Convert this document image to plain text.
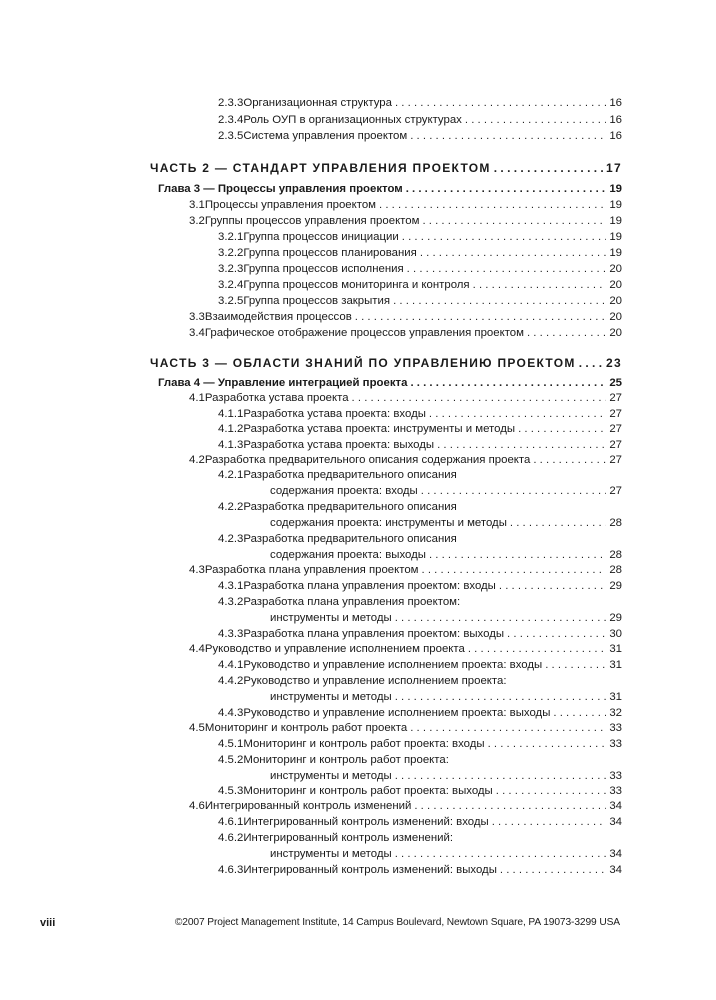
2.3.3 Организационная структура . . .	16
2.3.4 Роль ОУП в организационных структурах . . .	16
2.3.5 Система управления проектом . . .	16
ЧАСТЬ 2 — СТАНДАРТ УПРАВЛЕНИЯ ПРОЕКТОМ . . .	17
Глава 3 — Процессы управления проектом . . .	19
3.1 Процессы управления проектом . . .	19
3.2 Группы процессов управления проектом . . .	19
3.2.1 Группа процессов инициации . . .	19
3.2.2 Группа процессов планирования . . .	19
3.2.3 Группа процессов исполнения . . .	20
3.2.4 Группа процессов мониторинга и контроля . . .	20
3.2.5 Группа процессов закрытия . . .	20
3.3 Взаимодействия процессов . . .	20
3.4 Графическое отображение процессов управления проектом . . .	20
ЧАСТЬ 3 — ОБЛАСТИ ЗНАНИЙ ПО УПРАВЛЕНИЮ ПРОЕКТОМ . . .	23
Глава 4 — Управление интеграцией проекта . . .	25
4.1 Разработка устава проекта . . .	27
4.1.1 Разработка устава проекта: входы . . .	27
4.1.2 Разработка устава проекта: инструменты и методы . . .	27
4.1.3 Разработка устава проекта: выходы . . .	27
4.2 Разработка предварительного описания содержания проекта . . .	27
4.2.1 Разработка предварительного описания
содержания проекта: входы . . .	27
4.2.2 Разработка предварительного описания
содержания проекта: инструменты и методы . . .	28
4.2.3 Разработка предварительного описания
содержания проекта: выходы . . .	28
4.3 Разработка плана управления проектом . . .	28
4.3.1 Разработка плана управления проектом: входы . . .	29
4.3.2 Разработка плана управления проектом:
инструменты и методы . . .	29
4.3.3 Разработка плана управления проектом: выходы . . .	30
4.4 Руководство и управление исполнением проекта . . .	31
4.4.1 Руководство и управление исполнением проекта: входы . . .	31
4.4.2 Руководство и управление исполнением проекта:
инструменты и методы . . .	31
4.4.3 Руководство и управление исполнением проекта: выходы . . .	32
4.5 Мониторинг и контроль работ проекта . . .	33
4.5.1 Мониторинг и контроль работ проекта: входы . . .	33
4.5.2 Мониторинг и контроль работ проекта:
инструменты и методы . . .	33
4.5.3 Мониторинг и контроль работ проекта: выходы . . .	33
4.6 Интегрированный контроль изменений . . .	34
4.6.1 Интегрированный контроль изменений: входы . . .	34
4.6.2 Интегрированный контроль изменений:
инструменты и методы . . .	34
4.6.3 Интегрированный контроль изменений: выходы . . .	34
viii	©2007 Project Management Institute, 14 Campus Boulevard, Newtown Square, PA 19073-3299 USA
